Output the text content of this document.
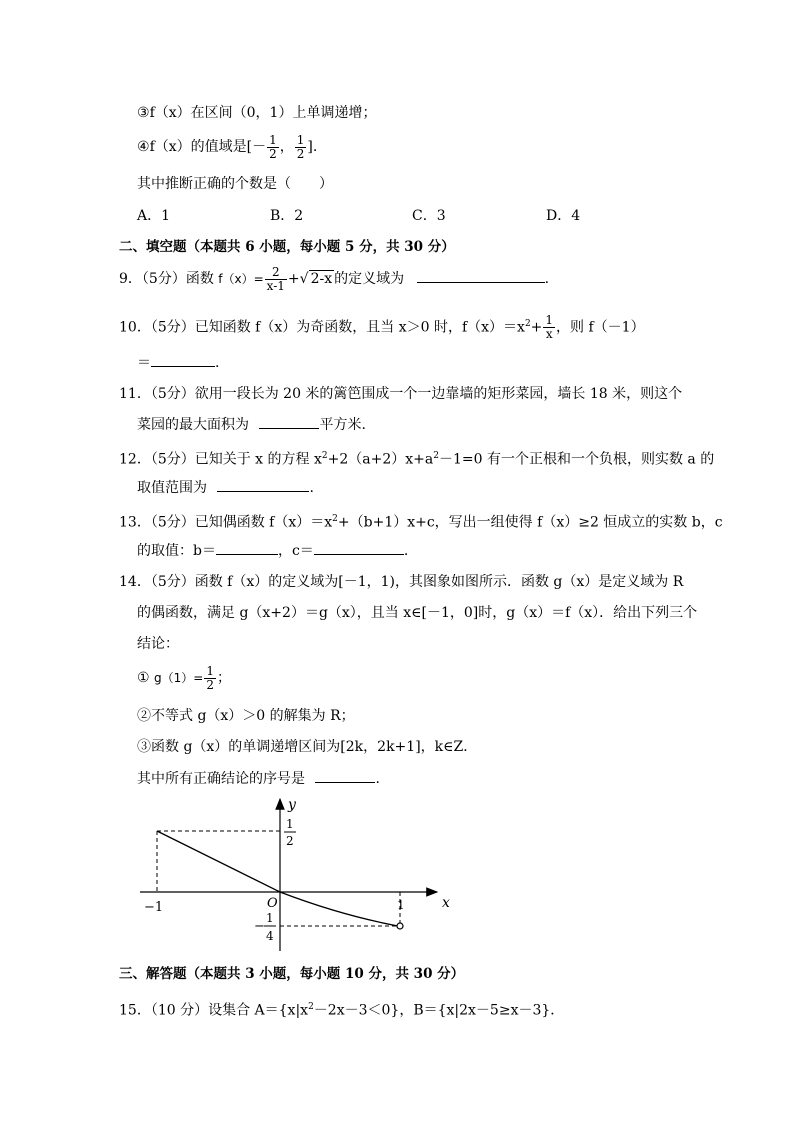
③f（x）在区间（0，1）上单调递增；
④f（x）的值域是[－ $\frac{1}{2}$ ， $\frac{1}{2}$ ].
其中推断正确的个数是（　　）
A．1	B．2	C．3	D．4
二、填空题（本题共 6 小题，每小题 5 分，共 30 分）
9．（5分）函数 $f(x)= \frac{2}{x-1}$ +√ 2-x 的定义域为	.
10．（5分）已知函数 f（x）为奇函数，且当 x＞0 时，$f(x)=x^2+ \frac{1}{x}$ ，则 f（－1）
＝	.
11．（5分）欲用一段长为 20 米的篱笆围成一个一边靠墙的矩形菜园，墙长 18 米，则这个
菜园的最大面积为	平方米.
12．（5分）已知关于 x 的方程 $x^2+2(a+2)x+a^2-1=0$ 有一个正根和一个负根，则实数 a 的
取值范围为	.
13．（5分）已知偶函数 $f(x)=x^2+(b+1)x+c$，写出一组使得 f（x）≥2 恒成立的实数 b，c
的取值：b＝	，c＝	.
14．（5分）函数 f（x）的定义域为[－1，1)，其图象如图所示．函数 g（x）是定义域为 R
的偶函数，满足 g（x+2）＝g（x），且当 x∈[－1，0]时，g（x）＝f（x）．给出下列三个
结论：
① $g(1)= \frac{1}{2}$ ；
②不等式 g（x）＞0 的解集为 R；
③函数 g（x）的单调递增区间为[2k，2k+1]，k∈Z．
其中所有正确结论的序号是	.
y
x
O
−1	1
1
2
−
1
4
三、解答题（本题共 3 小题，每小题 10 分，共 30 分）
15．（10 分）设集合 $A=\{x|x^2-2x-3<0\}$，B＝{x|2x－5≥x－3}．
